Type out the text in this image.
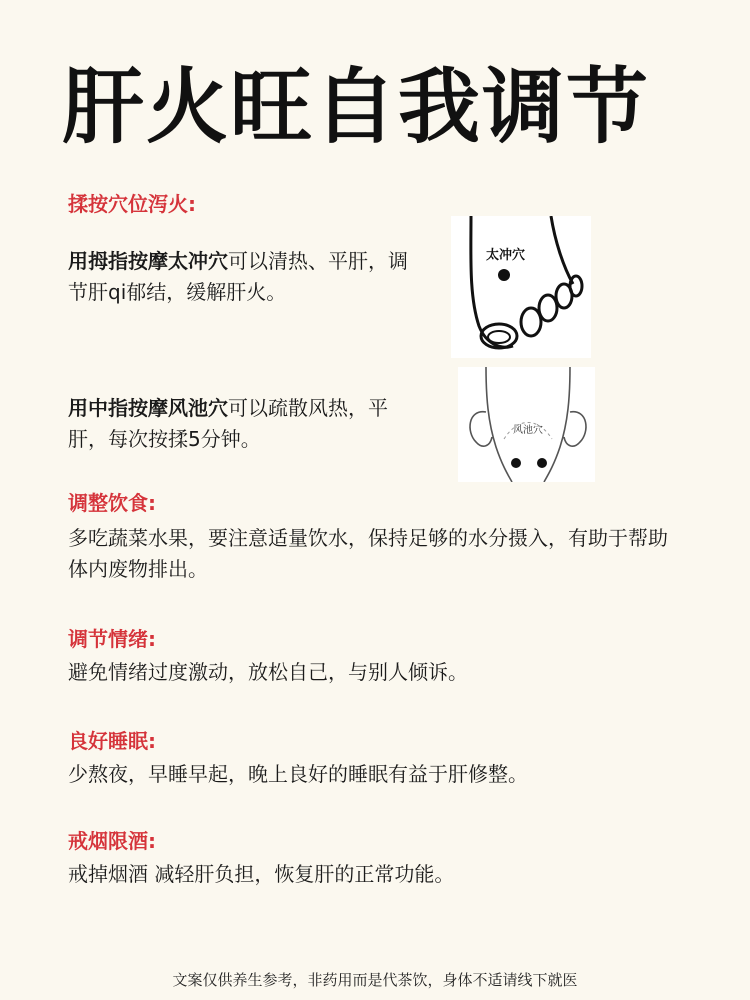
肝火旺自我调节
揉按穴位泻火:
用拇指按摩太冲穴可以清热、平肝，调节肝qi郁结，缓解肝火。
太冲穴
用中指按摩风池穴可以疏散风热，平肝，每次按揉5分钟。	风池穴
调整饮食:
多吃蔬菜水果，要注意适量饮水，保持足够的水分摄入，有助于帮助体内废物排出。
调节情绪:
避免情绪过度激动，放松自己，与别人倾诉。
良好睡眠:
少熬夜，早睡早起，晚上良好的睡眠有益于肝修整。
戒烟限酒:
戒掉烟酒 减轻肝负担，恢复肝的正常功能。
文案仅供养生参考，非药用而是代茶饮，身体不适请线下就医
